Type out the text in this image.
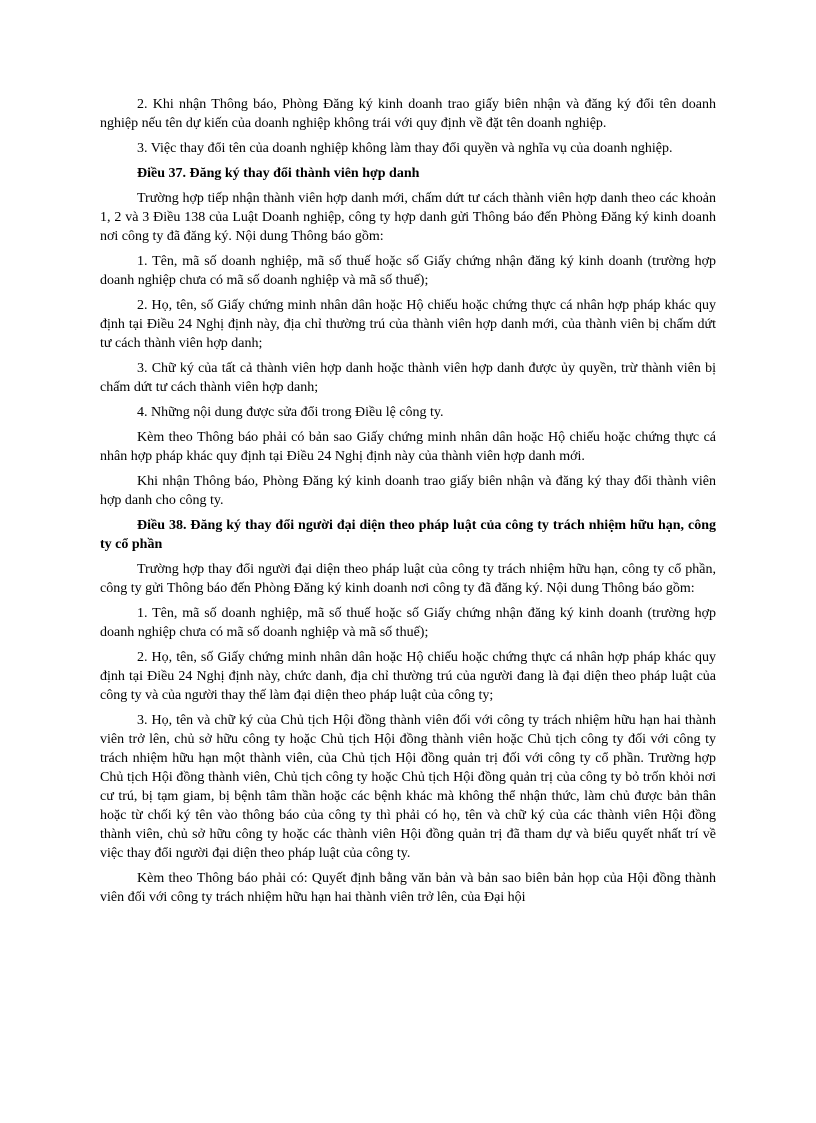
2. Khi nhận Thông báo, Phòng Đăng ký kinh doanh trao giấy biên nhận và đăng ký đổi tên doanh nghiệp nếu tên dự kiến của doanh nghiệp không trái với quy định về đặt tên doanh nghiệp.

3. Việc thay đổi tên của doanh nghiệp không làm thay đổi quyền và nghĩa vụ của doanh nghiệp.

Điều 37. Đăng ký thay đổi thành viên hợp danh

Trường hợp tiếp nhận thành viên hợp danh mới, chấm dứt tư cách thành viên hợp danh theo các khoản 1, 2 và 3 Điều 138 của Luật Doanh nghiệp, công ty hợp danh gửi Thông báo đến Phòng Đăng ký kinh doanh nơi công ty đã đăng ký. Nội dung Thông báo gồm:

1. Tên, mã số doanh nghiệp, mã số thuế hoặc số Giấy chứng nhận đăng ký kinh doanh (trường hợp doanh nghiệp chưa có mã số doanh nghiệp và mã số thuế);

2. Họ, tên, số Giấy chứng minh nhân dân hoặc Hộ chiếu hoặc chứng thực cá nhân hợp pháp khác quy định tại Điều 24 Nghị định này, địa chỉ thường trú của thành viên hợp danh mới, của thành viên bị chấm dứt tư cách thành viên hợp danh;

3. Chữ ký của tất cả thành viên hợp danh hoặc thành viên hợp danh được ủy quyền, trừ thành viên bị chấm dứt tư cách thành viên hợp danh;

4. Những nội dung được sửa đổi trong Điều lệ công ty.

Kèm theo Thông báo phải có bản sao Giấy chứng minh nhân dân hoặc Hộ chiếu hoặc chứng thực cá nhân hợp pháp khác quy định tại Điều 24 Nghị định này của thành viên hợp danh mới.

Khi nhận Thông báo, Phòng Đăng ký kinh doanh trao giấy biên nhận và đăng ký thay đổi thành viên hợp danh cho công ty.

Điều 38. Đăng ký thay đổi người đại diện theo pháp luật của công ty trách nhiệm hữu hạn, công ty cổ phần

Trường hợp thay đổi người đại diện theo pháp luật của công ty trách nhiệm hữu hạn, công ty cổ phần, công ty gửi Thông báo đến Phòng Đăng ký kinh doanh nơi công ty đã đăng ký. Nội dung Thông báo gồm:

1. Tên, mã số doanh nghiệp, mã số thuế hoặc số Giấy chứng nhận đăng ký kinh doanh (trường hợp doanh nghiệp chưa có mã số doanh nghiệp và mã số thuế);

2. Họ, tên, số Giấy chứng minh nhân dân hoặc Hộ chiếu hoặc chứng thực cá nhân hợp pháp khác quy định tại Điều 24 Nghị định này, chức danh, địa chỉ thường trú của người đang là đại diện theo pháp luật của công ty và của người thay thế làm đại diện theo pháp luật của công ty;

3. Họ, tên và chữ ký của Chủ tịch Hội đồng thành viên đối với công ty trách nhiệm hữu hạn hai thành viên trở lên, chủ sở hữu công ty hoặc Chủ tịch Hội đồng thành viên hoặc Chủ tịch công ty đối với công ty trách nhiệm hữu hạn một thành viên, của Chủ tịch Hội đồng quản trị đối với công ty cổ phần. Trường hợp Chủ tịch Hội đồng thành viên, Chủ tịch công ty hoặc Chủ tịch Hội đồng quản trị của công ty bỏ trốn khỏi nơi cư trú, bị tạm giam, bị bệnh tâm thần hoặc các bệnh khác mà không thể nhận thức, làm chủ được bản thân hoặc từ chối ký tên vào thông báo của công ty thì phải có họ, tên và chữ ký của các thành viên Hội đồng thành viên, chủ sở hữu công ty hoặc các thành viên Hội đồng quản trị đã tham dự và biểu quyết nhất trí về việc thay đổi người đại diện theo pháp luật của công ty.

Kèm theo Thông báo phải có: Quyết định bằng văn bản và bản sao biên bản họp của Hội đồng thành viên đối với công ty trách nhiệm hữu hạn hai thành viên trở lên, của Đại hội
